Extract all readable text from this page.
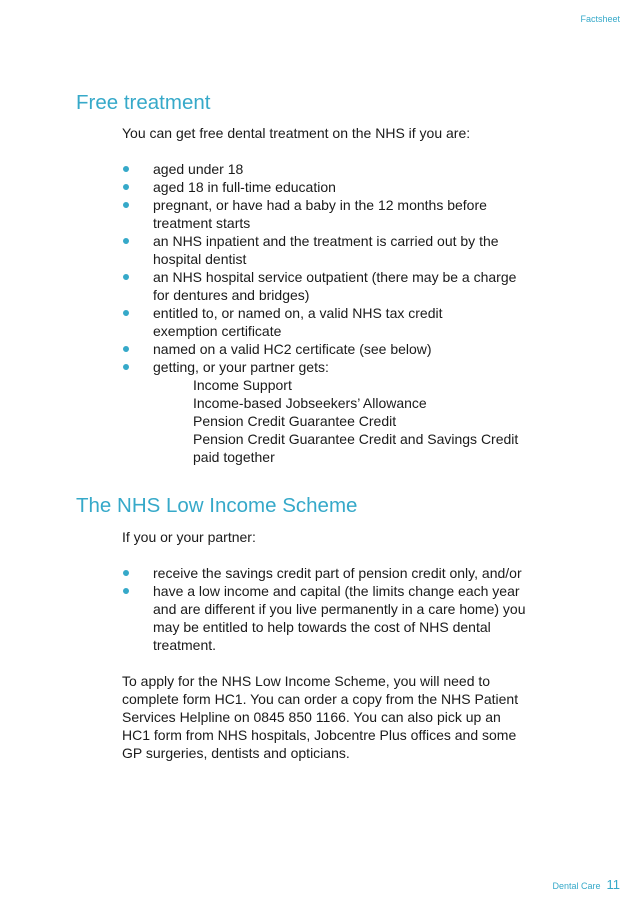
Factsheet
Free treatment

You can get free dental treatment on the NHS if you are:

aged under 18
aged 18 in full-time education
pregnant, or have had a baby in the 12 months before
treatment starts
an NHS inpatient and the treatment is carried out by the
hospital dentist
an NHS hospital service outpatient (there may be a charge
for dentures and bridges)
entitled to, or named on, a valid NHS tax credit
exemption certificate
named on a valid HC2 certificate (see below)
getting, or your partner gets:
Income Support
Income-based Jobseekers’ Allowance
Pension Credit Guarantee Credit
Pension Credit Guarantee Credit and Savings Credit
paid together
The NHS Low Income Scheme

If you or your partner:

receive the savings credit part of pension credit only, and/or
have a low income and capital (the limits change each year
and are different if you live permanently in a care home) you
may be entitled to help towards the cost of NHS dental
treatment.
To apply for the NHS Low Income Scheme, you will need to
complete form HC1. You can order a copy from the NHS Patient
Services Helpline on 0845 850 1166. You can also pick up an
HC1 form from NHS hospitals, Jobcentre Plus offices and some
GP surgeries, dentists and opticians.
Dental Care 11
